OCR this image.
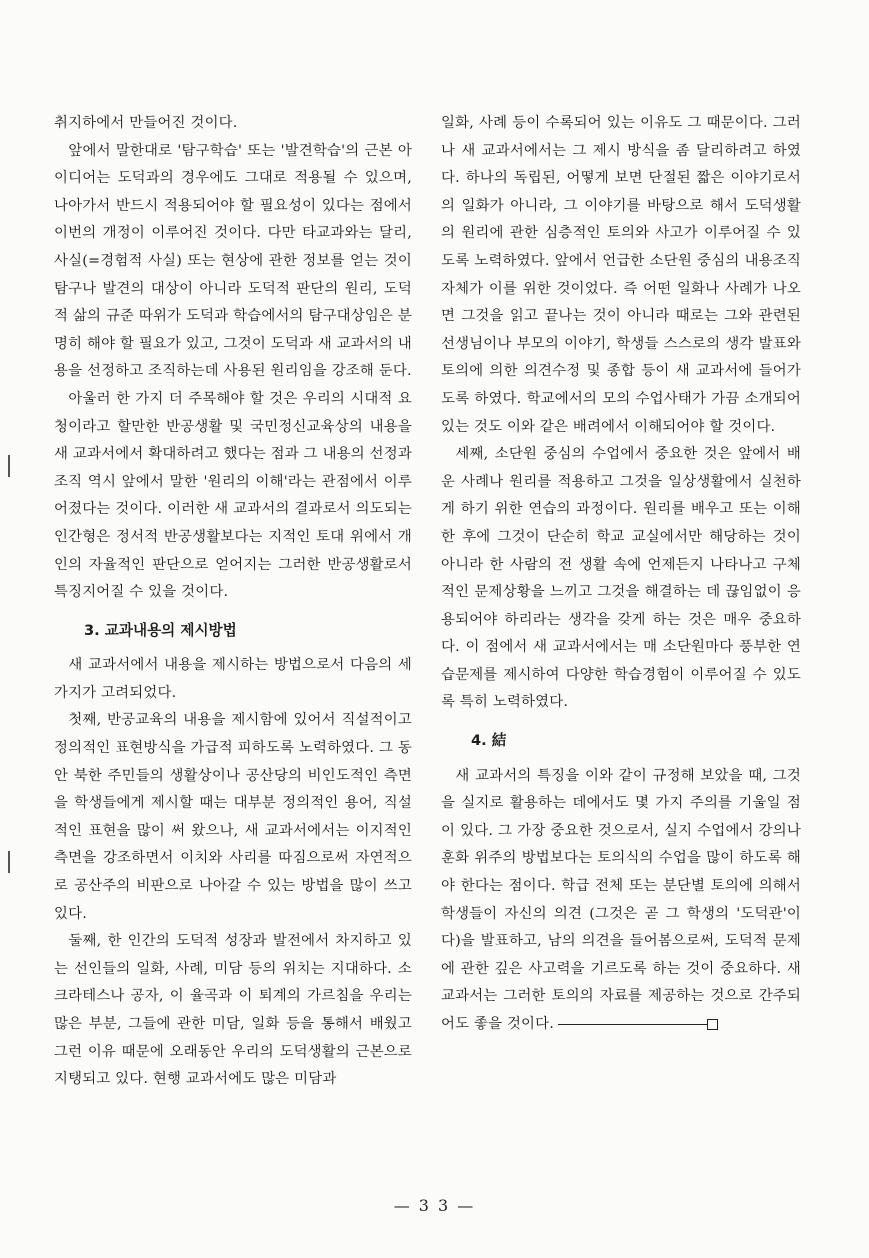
취지하에서 만들어진 것이다.

앞에서 말한대로 '탐구학습' 또는 '발견학습'의 근본 아이디어는 도덕과의 경우에도 그대로 적용될 수 있으며, 나아가서 반드시 적용되어야 할 필요성이 있다는 점에서 이번의 개정이 이루어진 것이다. 다만 타교과와는 달리, 사실(=경험적 사실) 또는 현상에 관한 정보를 얻는 것이 탐구나 발견의 대상이 아니라 도덕적 판단의 원리, 도덕적 삶의 규준 따위가 도덕과 학습에서의 탐구대상임은 분명히 해야 할 필요가 있고, 그것이 도덕과 새 교과서의 내용을 선정하고 조직하는데 사용된 원리임을 강조해 둔다.

아울러 한 가지 더 주목해야 할 것은 우리의 시대적 요청이라고 할만한 반공생활 및 국민정신교육상의 내용을 새 교과서에서 확대하려고 했다는 점과 그 내용의 선정과 조직 역시 앞에서 말한 '원리의 이해'라는 관점에서 이루어졌다는 것이다. 이러한 새 교과서의 결과로서 의도되는 인간형은 정서적 반공생활보다는 지적인 토대 위에서 개인의 자율적인 판단으로 얻어지는 그러한 반공생활로서 특징지어질 수 있을 것이다.

3. 교과내용의 제시방법

새 교과서에서 내용을 제시하는 방법으로서 다음의 세가지가 고려되었다.

첫째, 반공교육의 내용을 제시함에 있어서 직설적이고 정의적인 표현방식을 가급적 피하도록 노력하였다. 그 동안 북한 주민들의 생활상이나 공산당의 비인도적인 측면을 학생들에게 제시할 때는 대부분 정의적인 용어, 직설적인 표현을 많이 써 왔으나, 새 교과서에서는 이지적인 측면을 강조하면서 이치와 사리를 따짐으로써 자연적으로 공산주의 비판으로 나아갈 수 있는 방법을 많이 쓰고 있다.

둘째, 한 인간의 도덕적 성장과 발전에서 차지하고 있는 선인들의 일화, 사례, 미담 등의 위치는 지대하다. 소크라테스나 공자, 이 율곡과 이 퇴계의 가르침을 우리는 많은 부분, 그들에 관한 미담, 일화 등을 통해서 배웠고 그런 이유 때문에 오래동안 우리의 도덕생활의 근본으로 지탱되고 있다. 현행 교과서에도 많은 미담과

일화, 사례 등이 수록되어 있는 이유도 그 때문이다. 그러나 새 교과서에서는 그 제시 방식을 좀 달리하려고 하였다. 하나의 독립된, 어떻게 보면 단절된 짧은 이야기로서의 일화가 아니라, 그 이야기를 바탕으로 해서 도덕생활의 원리에 관한 심층적인 토의와 사고가 이루어질 수 있도록 노력하였다. 앞에서 언급한 소단원 중심의 내용조직 자체가 이를 위한 것이었다. 즉 어떤 일화나 사례가 나오면 그것을 읽고 끝나는 것이 아니라 때로는 그와 관련된 선생님이나 부모의 이야기, 학생들 스스로의 생각 발표와 토의에 의한 의견수정 및 종합 등이 새 교과서에 들어가도록 하였다. 학교에서의 모의 수업사태가 가끔 소개되어 있는 것도 이와 같은 배려에서 이해되어야 할 것이다.

세째, 소단원 중심의 수업에서 중요한 것은 앞에서 배운 사례나 원리를 적용하고 그것을 일상생활에서 실천하게 하기 위한 연습의 과정이다. 원리를 배우고 또는 이해한 후에 그것이 단순히 학교 교실에서만 해당하는 것이 아니라 한 사람의 전 생활 속에 언제든지 나타나고 구체적인 문제상황을 느끼고 그것을 해결하는 데 끊임없이 응용되어야 하리라는 생각을 갖게 하는 것은 매우 중요하다. 이 점에서 새 교과서에서는 매 소단원마다 풍부한 연습문제를 제시하여 다양한 학습경험이 이루어질 수 있도록 특히 노력하였다.

4. 結

새 교과서의 특징을 이와 같이 규정해 보았을 때, 그것을 실지로 활용하는 데에서도 몇 가지 주의를 기울일 점이 있다. 그 가장 중요한 것으로서, 실지 수업에서 강의나 훈화 위주의 방법보다는 토의식의 수업을 많이 하도록 해야 한다는 점이다. 학급 전체 또는 분단별 토의에 의해서 학생들이 자신의 의견 (그것은 곧 그 학생의 '도덕관'이다)을 발표하고, 남의 의견을 들어봄으로써, 도덕적 문제에 관한 깊은 사고력을 기르도록 하는 것이 중요하다. 새 교과서는 그러한 토의의 자료를 제공하는 것으로 간주되어도 좋을 것이다.

— 3 3 —
